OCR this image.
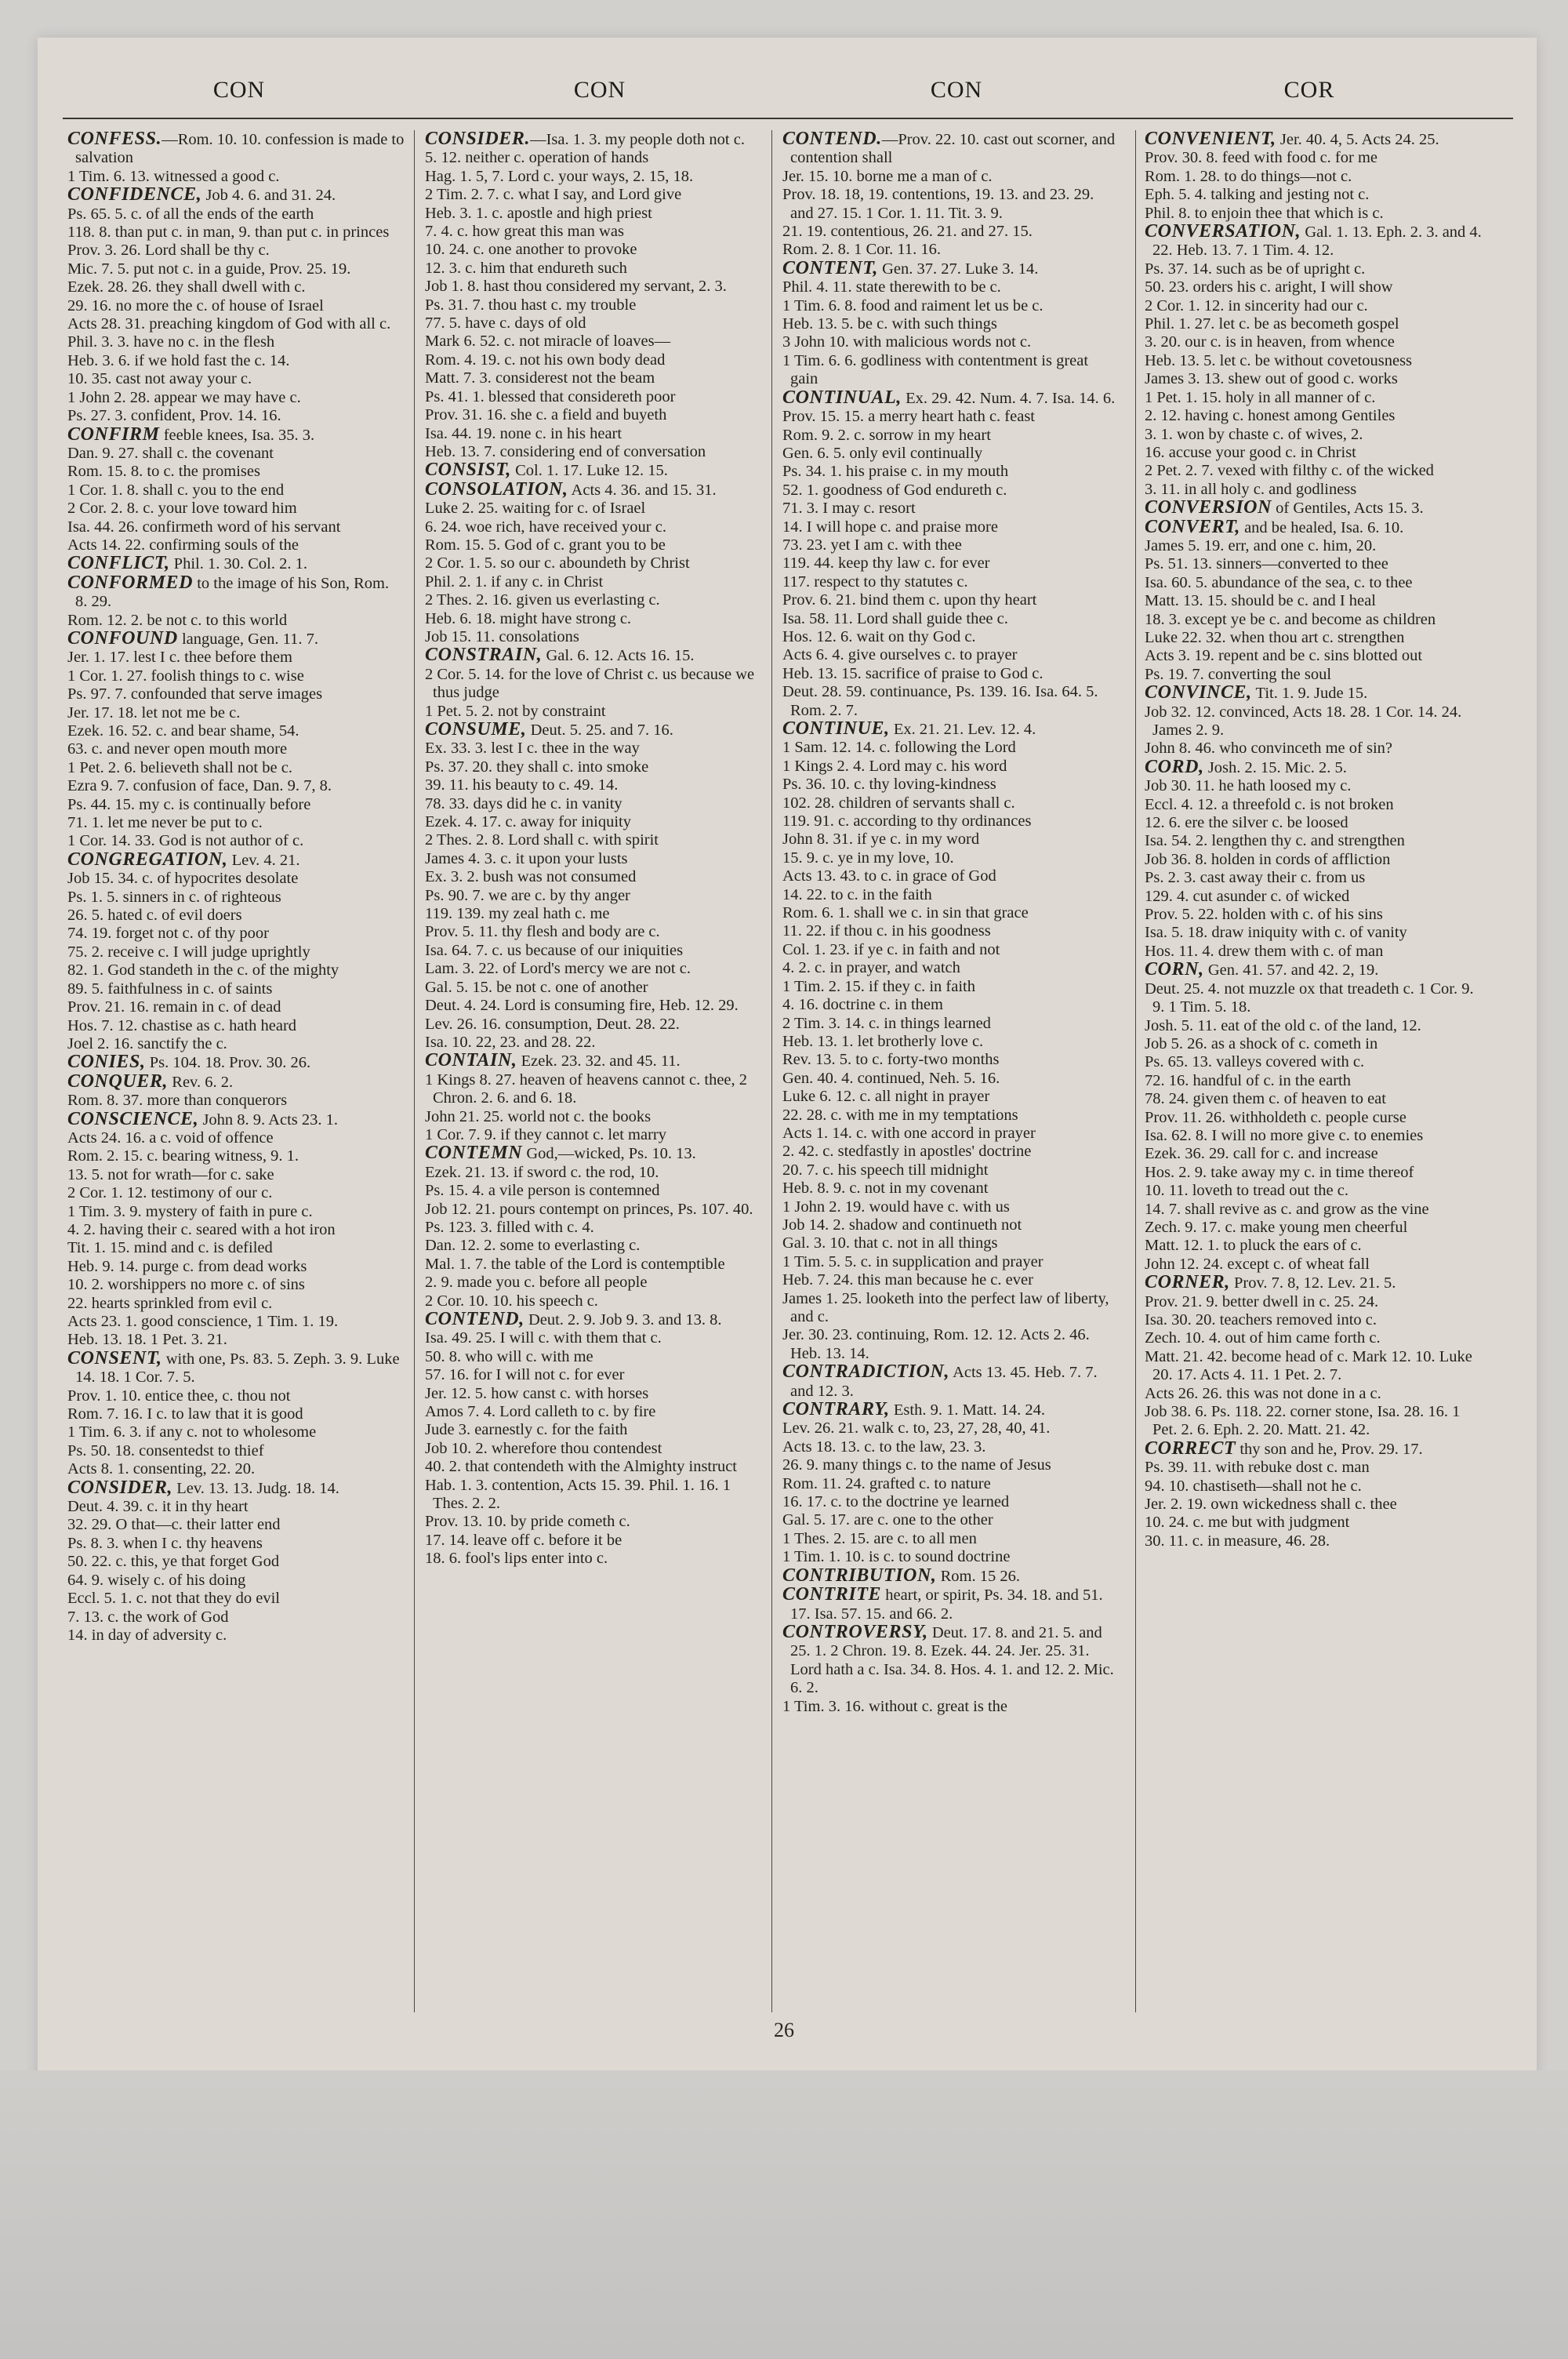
CON	CON	CON	COR

CONFESS.—Rom. 10. 10. confession is made to salvation

1 Tim. 6. 13. witnessed a good c.

CONFIDENCE, Job 4. 6. and 31. 24.

Ps. 65. 5. c. of all the ends of the earth

118. 8. than put c. in man, 9. than put c. in princes

Prov. 3. 26. Lord shall be thy c.

Mic. 7. 5. put not c. in a guide, Prov. 25. 19.

Ezek. 28. 26. they shall dwell with c.

29. 16. no more the c. of house of Israel

Acts 28. 31. preaching kingdom of God with all c.

Phil. 3. 3. have no c. in the flesh

Heb. 3. 6. if we hold fast the c. 14.

10. 35. cast not away your c.

1 John 2. 28. appear we may have c.

Ps. 27. 3. confident, Prov. 14. 16.

CONFIRM feeble knees, Isa. 35. 3.

Dan. 9. 27. shall c. the covenant

Rom. 15. 8. to c. the promises

1 Cor. 1. 8. shall c. you to the end

2 Cor. 2. 8. c. your love toward him

Isa. 44. 26. confirmeth word of his servant

Acts 14. 22. confirming souls of the

CONFLICT, Phil. 1. 30. Col. 2. 1.

CONFORMED to the image of his Son, Rom. 8. 29.

Rom. 12. 2. be not c. to this world

CONFOUND language, Gen. 11. 7.

Jer. 1. 17. lest I c. thee before them

1 Cor. 1. 27. foolish things to c. wise

Ps. 97. 7. confounded that serve images

Jer. 17. 18. let not me be c.

Ezek. 16. 52. c. and bear shame, 54.

63. c. and never open mouth more

1 Pet. 2. 6. believeth shall not be c.

Ezra 9. 7. confusion of face, Dan. 9. 7, 8.

Ps. 44. 15. my c. is continually before

71. 1. let me never be put to c.

1 Cor. 14. 33. God is not author of c.

CONGREGATION, Lev. 4. 21.

Job 15. 34. c. of hypocrites desolate

Ps. 1. 5. sinners in c. of righteous

26. 5. hated c. of evil doers

74. 19. forget not c. of thy poor

75. 2. receive c. I will judge uprightly

82. 1. God standeth in the c. of the mighty

89. 5. faithfulness in c. of saints

Prov. 21. 16. remain in c. of dead

Hos. 7. 12. chastise as c. hath heard

Joel 2. 16. sanctify the c.

CONIES, Ps. 104. 18. Prov. 30. 26.

CONQUER, Rev. 6. 2.

Rom. 8. 37. more than conquerors

CONSCIENCE, John 8. 9. Acts 23. 1.

Acts 24. 16. a c. void of offence

Rom. 2. 15. c. bearing witness, 9. 1.

13. 5. not for wrath—for c. sake

2 Cor. 1. 12. testimony of our c.

1 Tim. 3. 9. mystery of faith in pure c.

4. 2. having their c. seared with a hot iron

Tit. 1. 15. mind and c. is defiled

Heb. 9. 14. purge c. from dead works

10. 2. worshippers no more c. of sins

22. hearts sprinkled from evil c.

Acts 23. 1. good conscience, 1 Tim. 1. 19.

Heb. 13. 18. 1 Pet. 3. 21.

CONSENT, with one, Ps. 83. 5. Zeph. 3. 9. Luke 14. 18. 1 Cor. 7. 5.

Prov. 1. 10. entice thee, c. thou not

Rom. 7. 16. I c. to law that it is good

1 Tim. 6. 3. if any c. not to wholesome

Ps. 50. 18. consentedst to thief

Acts 8. 1. consenting, 22. 20.

CONSIDER, Lev. 13. 13. Judg. 18. 14.

Deut. 4. 39. c. it in thy heart

32. 29. O that—c. their latter end

Ps. 8. 3. when I c. thy heavens

50. 22. c. this, ye that forget God

64. 9. wisely c. of his doing

Eccl. 5. 1. c. not that they do evil

7. 13. c. the work of God

14. in day of adversity c.

CONSIDER.—Isa. 1. 3. my people doth not c.

5. 12. neither c. operation of hands

Hag. 1. 5, 7. Lord c. your ways, 2. 15, 18.

2 Tim. 2. 7. c. what I say, and Lord give

Heb. 3. 1. c. apostle and high priest

7. 4. c. how great this man was

10. 24. c. one another to provoke

12. 3. c. him that endureth such

Job 1. 8. hast thou considered my servant, 2. 3.

Ps. 31. 7. thou hast c. my trouble

77. 5. have c. days of old

Mark 6. 52. c. not miracle of loaves—

Rom. 4. 19. c. not his own body dead

Matt. 7. 3. considerest not the beam

Ps. 41. 1. blessed that considereth poor

Prov. 31. 16. she c. a field and buyeth

Isa. 44. 19. none c. in his heart

Heb. 13. 7. considering end of conversation

CONSIST, Col. 1. 17. Luke 12. 15.

CONSOLATION, Acts 4. 36. and 15. 31.

Luke 2. 25. waiting for c. of Israel

6. 24. woe rich, have received your c.

Rom. 15. 5. God of c. grant you to be

2 Cor. 1. 5. so our c. aboundeth by Christ

Phil. 2. 1. if any c. in Christ

2 Thes. 2. 16. given us everlasting c.

Heb. 6. 18. might have strong c.

Job 15. 11. consolations

CONSTRAIN, Gal. 6. 12. Acts 16. 15.

2 Cor. 5. 14. for the love of Christ c. us because we thus judge

1 Pet. 5. 2. not by constraint

CONSUME, Deut. 5. 25. and 7. 16.

Ex. 33. 3. lest I c. thee in the way

Ps. 37. 20. they shall c. into smoke

39. 11. his beauty to c. 49. 14.

78. 33. days did he c. in vanity

Ezek. 4. 17. c. away for iniquity

2 Thes. 2. 8. Lord shall c. with spirit

James 4. 3. c. it upon your lusts

Ex. 3. 2. bush was not consumed

Ps. 90. 7. we are c. by thy anger

119. 139. my zeal hath c. me

Prov. 5. 11. thy flesh and body are c.

Isa. 64. 7. c. us because of our iniquities

Lam. 3. 22. of Lord's mercy we are not c.

Gal. 5. 15. be not c. one of another

Deut. 4. 24. Lord is consuming fire, Heb. 12. 29.

Lev. 26. 16. consumption, Deut. 28. 22.

Isa. 10. 22, 23. and 28. 22.

CONTAIN, Ezek. 23. 32. and 45. 11.

1 Kings 8. 27. heaven of heavens cannot c. thee, 2 Chron. 2. 6. and 6. 18.

John 21. 25. world not c. the books

1 Cor. 7. 9. if they cannot c. let marry

CONTEMN God,—wicked, Ps. 10. 13.

Ezek. 21. 13. if sword c. the rod, 10.

Ps. 15. 4. a vile person is contemned

Job 12. 21. pours contempt on princes, Ps. 107. 40.

Ps. 123. 3. filled with c. 4.

Dan. 12. 2. some to everlasting c.

Mal. 1. 7. the table of the Lord is contemptible

2. 9. made you c. before all people

2 Cor. 10. 10. his speech c.

CONTEND, Deut. 2. 9. Job 9. 3. and 13. 8.

Isa. 49. 25. I will c. with them that c.

50. 8. who will c. with me

57. 16. for I will not c. for ever

Jer. 12. 5. how canst c. with horses

Amos 7. 4. Lord calleth to c. by fire

Jude 3. earnestly c. for the faith

Job 10. 2. wherefore thou contendest

40. 2. that contendeth with the Almighty instruct

Hab. 1. 3. contention, Acts 15. 39. Phil. 1. 16. 1 Thes. 2. 2.

Prov. 13. 10. by pride cometh c.

17. 14. leave off c. before it be

18. 6. fool's lips enter into c.

CONTEND.—Prov. 22. 10. cast out scorner, and contention shall

Jer. 15. 10. borne me a man of c.

Prov. 18. 18, 19. contentions, 19. 13. and 23. 29. and 27. 15. 1 Cor. 1. 11. Tit. 3. 9.

21. 19. contentious, 26. 21. and 27. 15.

Rom. 2. 8. 1 Cor. 11. 16.

CONTENT, Gen. 37. 27. Luke 3. 14.

Phil. 4. 11. state therewith to be c.

1 Tim. 6. 8. food and raiment let us be c.

Heb. 13. 5. be c. with such things

3 John 10. with malicious words not c.

1 Tim. 6. 6. godliness with contentment is great gain

CONTINUAL, Ex. 29. 42. Num. 4. 7. Isa. 14. 6.

Prov. 15. 15. a merry heart hath c. feast

Rom. 9. 2. c. sorrow in my heart

Gen. 6. 5. only evil continually

Ps. 34. 1. his praise c. in my mouth

52. 1. goodness of God endureth c.

71. 3. I may c. resort

14. I will hope c. and praise more

73. 23. yet I am c. with thee

119. 44. keep thy law c. for ever

117. respect to thy statutes c.

Prov. 6. 21. bind them c. upon thy heart

Isa. 58. 11. Lord shall guide thee c.

Hos. 12. 6. wait on thy God c.

Acts 6. 4. give ourselves c. to prayer

Heb. 13. 15. sacrifice of praise to God c.

Deut. 28. 59. continuance, Ps. 139. 16. Isa. 64. 5. Rom. 2. 7.

CONTINUE, Ex. 21. 21. Lev. 12. 4.

1 Sam. 12. 14. c. following the Lord

1 Kings 2. 4. Lord may c. his word

Ps. 36. 10. c. thy loving-kindness

102. 28. children of servants shall c.

119. 91. c. according to thy ordinances

John 8. 31. if ye c. in my word

15. 9. c. ye in my love, 10.

Acts 13. 43. to c. in grace of God

14. 22. to c. in the faith

Rom. 6. 1. shall we c. in sin that grace

11. 22. if thou c. in his goodness

Col. 1. 23. if ye c. in faith and not

4. 2. c. in prayer, and watch

1 Tim. 2. 15. if they c. in faith

4. 16. doctrine c. in them

2 Tim. 3. 14. c. in things learned

Heb. 13. 1. let brotherly love c.

Rev. 13. 5. to c. forty-two months

Gen. 40. 4. continued, Neh. 5. 16.

Luke 6. 12. c. all night in prayer

22. 28. c. with me in my temptations

Acts 1. 14. c. with one accord in prayer

2. 42. c. stedfastly in apostles' doctrine

20. 7. c. his speech till midnight

Heb. 8. 9. c. not in my covenant

1 John 2. 19. would have c. with us

Job 14. 2. shadow and continueth not

Gal. 3. 10. that c. not in all things

1 Tim. 5. 5. c. in supplication and prayer

Heb. 7. 24. this man because he c. ever

James 1. 25. looketh into the perfect law of liberty, and c.

Jer. 30. 23. continuing, Rom. 12. 12. Acts 2. 46. Heb. 13. 14.

CONTRADICTION, Acts 13. 45. Heb. 7. 7. and 12. 3.

CONTRARY, Esth. 9. 1. Matt. 14. 24.

Lev. 26. 21. walk c. to, 23, 27, 28, 40, 41.

Acts 18. 13. c. to the law, 23. 3.

26. 9. many things c. to the name of Jesus

Rom. 11. 24. grafted c. to nature

16. 17. c. to the doctrine ye learned

Gal. 5. 17. are c. one to the other

1 Thes. 2. 15. are c. to all men

1 Tim. 1. 10. is c. to sound doctrine

CONTRIBUTION, Rom. 15 26.

CONTRITE heart, or spirit, Ps. 34. 18. and 51. 17. Isa. 57. 15. and 66. 2.

CONTROVERSY, Deut. 17. 8. and 21. 5. and 25. 1. 2 Chron. 19. 8. Ezek. 44. 24. Jer. 25. 31. Lord hath a c. Isa. 34. 8. Hos. 4. 1. and 12. 2. Mic. 6. 2.

1 Tim. 3. 16. without c. great is the

CONVENIENT, Jer. 40. 4, 5. Acts 24. 25.

Prov. 30. 8. feed with food c. for me

Rom. 1. 28. to do things—not c.

Eph. 5. 4. talking and jesting not c.

Phil. 8. to enjoin thee that which is c.

CONVERSATION, Gal. 1. 13. Eph. 2. 3. and 4. 22. Heb. 13. 7. 1 Tim. 4. 12.

Ps. 37. 14. such as be of upright c.

50. 23. orders his c. aright, I will show

2 Cor. 1. 12. in sincerity had our c.

Phil. 1. 27. let c. be as becometh gospel

3. 20. our c. is in heaven, from whence

Heb. 13. 5. let c. be without covetousness

James 3. 13. shew out of good c. works

1 Pet. 1. 15. holy in all manner of c.

2. 12. having c. honest among Gentiles

3. 1. won by chaste c. of wives, 2.

16. accuse your good c. in Christ

2 Pet. 2. 7. vexed with filthy c. of the wicked

3. 11. in all holy c. and godliness

CONVERSION of Gentiles, Acts 15. 3.

CONVERT, and be healed, Isa. 6. 10.

James 5. 19. err, and one c. him, 20.

Ps. 51. 13. sinners—converted to thee

Isa. 60. 5. abundance of the sea, c. to thee

Matt. 13. 15. should be c. and I heal

18. 3. except ye be c. and become as children

Luke 22. 32. when thou art c. strengthen

Acts 3. 19. repent and be c. sins blotted out

Ps. 19. 7. converting the soul

CONVINCE, Tit. 1. 9. Jude 15.

Job 32. 12. convinced, Acts 18. 28. 1 Cor. 14. 24. James 2. 9.

John 8. 46. who convinceth me of sin?

CORD, Josh. 2. 15. Mic. 2. 5.

Job 30. 11. he hath loosed my c.

Eccl. 4. 12. a threefold c. is not broken

12. 6. ere the silver c. be loosed

Isa. 54. 2. lengthen thy c. and strengthen

Job 36. 8. holden in cords of affliction

Ps. 2. 3. cast away their c. from us

129. 4. cut asunder c. of wicked

Prov. 5. 22. holden with c. of his sins

Isa. 5. 18. draw iniquity with c. of vanity

Hos. 11. 4. drew them with c. of man

CORN, Gen. 41. 57. and 42. 2, 19.

Deut. 25. 4. not muzzle ox that treadeth c. 1 Cor. 9. 9. 1 Tim. 5. 18.

Josh. 5. 11. eat of the old c. of the land, 12.

Job 5. 26. as a shock of c. cometh in

Ps. 65. 13. valleys covered with c.

72. 16. handful of c. in the earth

78. 24. given them c. of heaven to eat

Prov. 11. 26. withholdeth c. people curse

Isa. 62. 8. I will no more give c. to enemies

Ezek. 36. 29. call for c. and increase

Hos. 2. 9. take away my c. in time thereof

10. 11. loveth to tread out the c.

14. 7. shall revive as c. and grow as the vine

Zech. 9. 17. c. make young men cheerful

Matt. 12. 1. to pluck the ears of c.

John 12. 24. except c. of wheat fall

CORNER, Prov. 7. 8, 12. Lev. 21. 5.

Prov. 21. 9. better dwell in c. 25. 24.

Isa. 30. 20. teachers removed into c.

Zech. 10. 4. out of him came forth c.

Matt. 21. 42. become head of c. Mark 12. 10. Luke 20. 17. Acts 4. 11. 1 Pet. 2. 7.

Acts 26. 26. this was not done in a c.

Job 38. 6. Ps. 118. 22. corner stone, Isa. 28. 16. 1 Pet. 2. 6. Eph. 2. 20. Matt. 21. 42.

CORRECT thy son and he, Prov. 29. 17.

Ps. 39. 11. with rebuke dost c. man

94. 10. chastiseth—shall not he c.

Jer. 2. 19. own wickedness shall c. thee

10. 24. c. me but with judgment

30. 11. c. in measure, 46. 28.

26
